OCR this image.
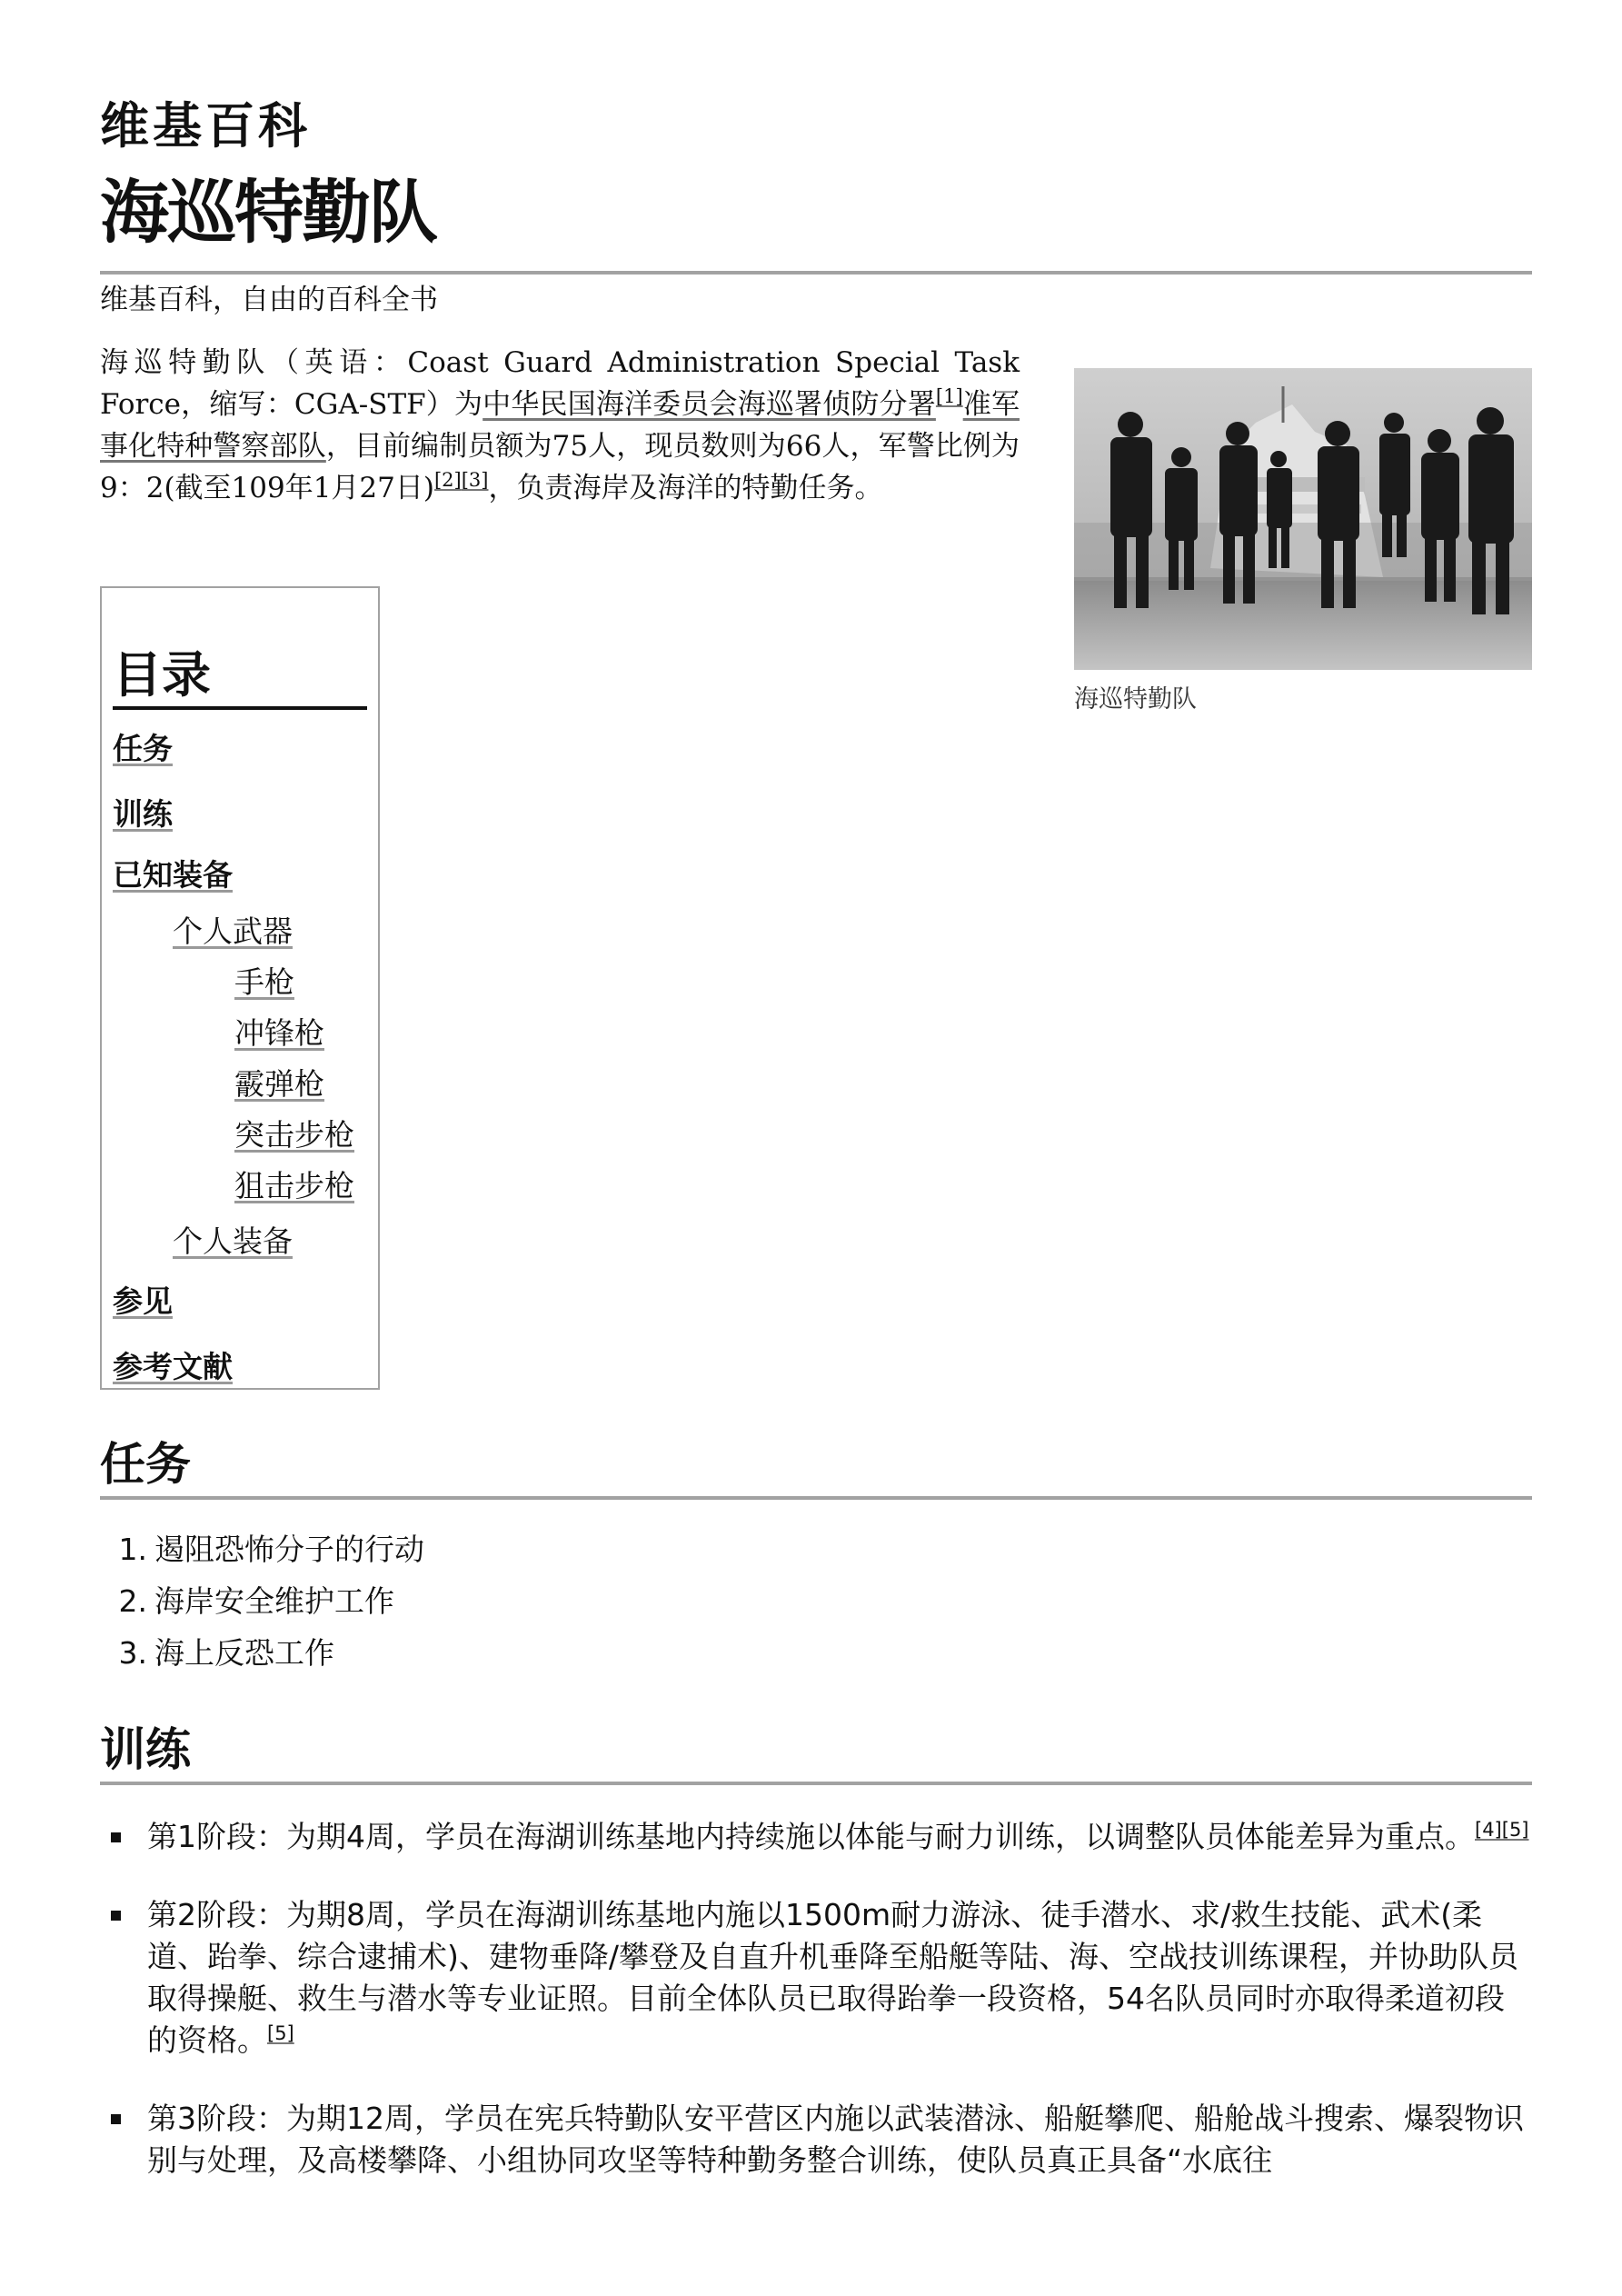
维基百科
海巡特勤队
维基百科，自由的百科全书

海巡特勤队（英语：Coast Guard Administration Special Task Force，缩写：CGA-STF）为中华民国海洋委员会海巡署侦防分署[1]准军事化特种警察部队，目前编制员额为75人，现员数则为66人，军警比例为9：2(截至109年1月27日)[2][3]，负责海岸及海洋的特勤任务。

海巡特勤队
目录
任务
训练
已知装备
个人武器
手枪
冲锋枪
霰弹枪
突击步枪
狙击步枪
个人装备
参见
参考文献
任务
1. 遏阻恐怖分子的行动
2. 海岸安全维护工作
3. 海上反恐工作
训练
第1阶段：为期4周，学员在海湖训练基地内持续施以体能与耐力训练，以调整队员体能差异为重点。[4][5]
第2阶段：为期8周，学员在海湖训练基地内施以1500m耐力游泳、徒手潜水、求/救生技能、武术(柔道、跆拳、综合逮捕术)、建物垂降/攀登及自直升机垂降至船艇等陆、海、空战技训练课程，并协助队员取得操艇、救生与潜水等专业证照。目前全体队员已取得跆拳一段资格，54名队员同时亦取得柔道初段的资格。[5]
第3阶段：为期12周，学员在宪兵特勤队安平营区内施以武装潜泳、船艇攀爬、船舱战斗搜索、爆裂物识别与处理，及高楼攀降、小组协同攻坚等特种勤务整合训练，使队员真正具备“水底往
